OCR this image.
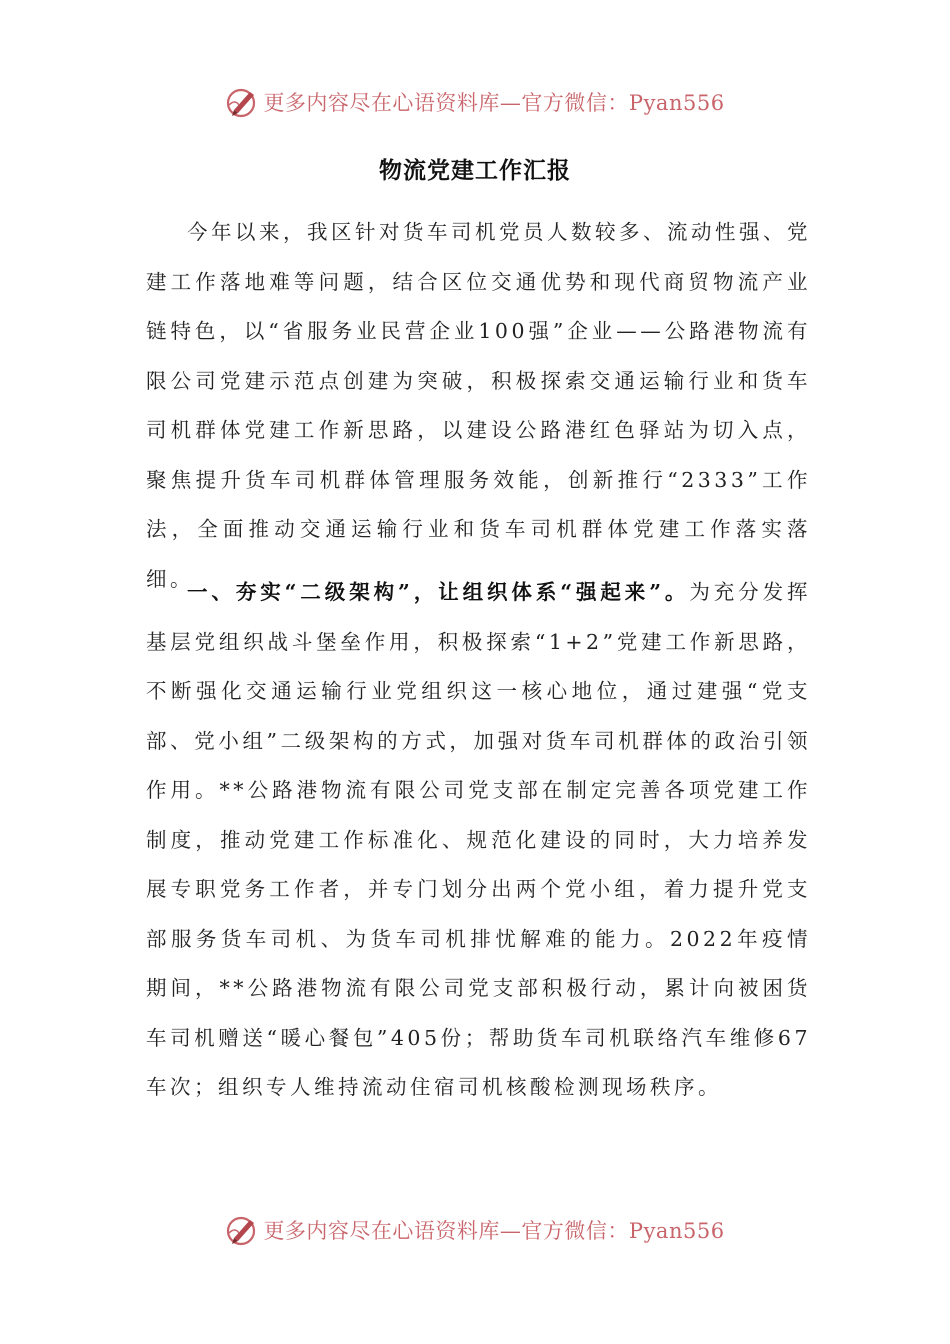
更多内容尽在心语资料库—官方微信：Pyan556
物流党建工作汇报

今年以来，我区针对货车司机党员人数较多、流动性强、党建工作落地难等问题，结合区位交通优势和现代商贸物流产业链特色，以“省服务业民营企业100强”企业——公路港物流有限公司党建示范点创建为突破，积极探索交通运输行业和货车司机群体党建工作新思路，以建设公路港红色驿站为切入点，聚焦提升货车司机群体管理服务效能，创新推行“2333”工作法，全面推动交通运输行业和货车司机群体党建工作落实落细。

一、夯实“二级架构”，让组织体系“强起来”。为充分发挥基层党组织战斗堡垒作用，积极探索“1+2”党建工作新思路，不断强化交通运输行业党组织这一核心地位，通过建强“党支部、党小组”二级架构的方式，加强对货车司机群体的政治引领作用。**公路港物流有限公司党支部在制定完善各项党建工作制度，推动党建工作标准化、规范化建设的同时，大力培养发展专职党务工作者，并专门划分出两个党小组，着力提升党支部服务货车司机、为货车司机排忧解难的能力。2022年疫情期间，**公路港物流有限公司党支部积极行动，累计向被困货车司机赠送“暖心餐包”405份；帮助货车司机联络汽车维修67车次；组织专人维持流动住宿司机核酸检测现场秩序。

更多内容尽在心语资料库—官方微信：Pyan556
